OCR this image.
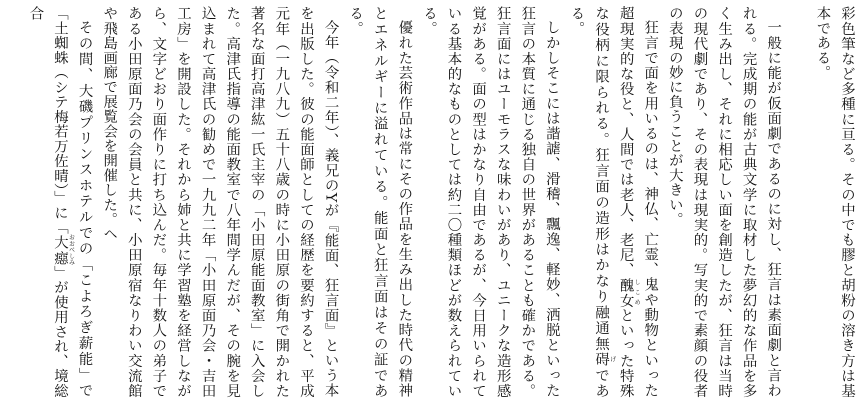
彩色筆など多種に亘る。その中でも膠と胡粉の溶き方は基本である。

一般に能が仮面劇であるのに対し、狂言は素面劇と言われる。完成期の能が古典文学に取材した夢幻的な作品を多く生み出し、それに相応しい面を創造したが、狂言は当時の現代劇であり、その表現は現実的。写実的で素顔の役者の表現の妙に負うことが大きい。

狂言で面を用いるのは、神仏、亡霊、鬼や動物といった超現実的な役と、人間では老人、老尼、醜女 しこめといった特殊な役柄に限られる。狂言面の造形はかなり融通無碍 げである。

しかしそこには諧謔、滑稽、飄逸、軽妙、洒脱といった狂言の本質に通じる独自の世界があることも確かである。狂言面にはユーモラスな味わいがあり、ユニークな造形感覚がある。面の型はかなり自由であるが、今日用いられている基本的なものとしては約二〇種類ほどが数えられている。

優れた芸術作品は常にその作品を生み出した時代の精神とエネルギーに溢れている。能面と狂言面はその証である。

今年（令和二年）、義兄のYが『能面、狂言面』という本を出版した。彼の能面師としての経歴を要約すると、平成元年（一九八九）五十八歳の時に小田原の街角で開かれた著名な面打高津紘一氏主宰の「小田原能面教室」に入会した。高津氏指導の能面教室で八年間学んだが、その腕を見込まれて高津氏の勧めで一九九二年「小田原面乃会・吉田工房」を開設した。それから姉と共に学習塾を経営しながら、文字どおり面作りに打ち込んだ。毎年十数人の弟子である小田原面乃会の会員と共に、小田原宿なりわい交流館や飛島画廊で展覧会を開催した。ヘ

その間、大磯プリンスホテルでの「こよろぎ薪能」で「土蜘蛛（シテ梅若万佐晴）」に「大癋 おおべしみ」が使用され、境総合
